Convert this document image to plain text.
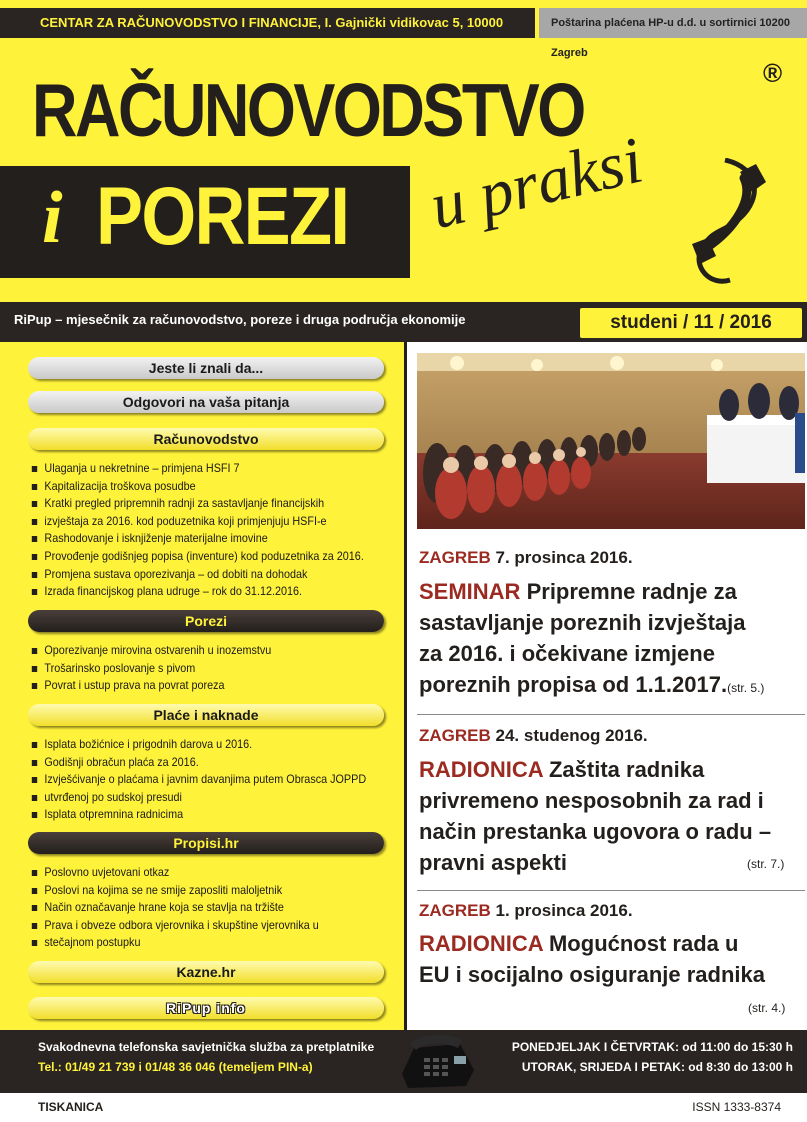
CENTAR ZA RAČUNOVODSTVO I FINANCIJE, I. Gajnički vidikovac 5, 10000 Zagreb
Poštarina plaćena HP-u d.d. u sortirnici 10200 Zagreb
RAČUNOVODSTVO	®
i POREZI u praksi
RiPup – mjesečnik za računovodstvo, poreze i druga područja ekonomije	studeni / 11 / 2016
Jeste li znali da...
Odgovori na vaša pitanja
Računovodstvo
Ulaganja u nekretnine – primjena HSFI 7
Kapitalizacija troškova posudbe
Kratki pregled pripremnih radnji za sastavljanje financijskih
izvještaja za 2016. kod poduzetnika koji primjenjuju HSFI-e
Rashodovanje i isknjiženje materijalne imovine
Provođenje godišnjeg popisa (inventure) kod poduzetnika za 2016.
Promjena sustava oporezivanja – od dobiti na dohodak
Izrada financijskog plana udruge – rok do 31.12.2016.
Porezi
Oporezivanje mirovina ostvarenih u inozemstvu
Trošarinsko poslovanje s pivom
Povrat i ustup prava na povrat poreza
Plaće i naknade
Isplata božićnice i prigodnih darova u 2016.
Godišnji obračun plaća za 2016.
Izvješćivanje o plaćama i javnim davanjima putem Obrasca JOPPD
utvrđenoj po sudskoj presudi
Isplata otpremnina radnicima
Propisi.hr
Poslovno uvjetovani otkaz
Poslovi na kojima se ne smije zaposliti maloljetnik
Način označavanje hrane koja se stavlja na tržište
Prava i obveze odbora vjerovnika i skupštine vjerovnika u
stečajnom postupku
Kazne.hr
RiPup info
ZAGREB 7. prosinca 2016.
SEMINAR Pripremne radnje za
sastavljanje poreznih izvještaja
za 2016. i očekivane izmjene
poreznih propisa od 1.1.2017.(str. 5.)
ZAGREB 24. studenog 2016.
RADIONICA Zaštita radnika
privremeno nesposobnih za rad i
način prestanka ugovora o radu –
pravni aspekti	(str. 7.)
ZAGREB 1. prosinca 2016.
RADIONICA Mogućnost rada u
EU i socijalno osiguranje radnika
(str. 4.)
Svakodnevna telefonska savjetnička služba za pretplatnike
Tel.: 01/49 21 739 i 01/48 36 046 (temeljem PIN-a)
PONEDJELJAK I ČETVRTAK: od 11:00 do 15:30 h
UTORAK, SRIJEDA I PETAK: od 8:30 do 13:00 h
TISKANICA	ISSN 1333-8374
